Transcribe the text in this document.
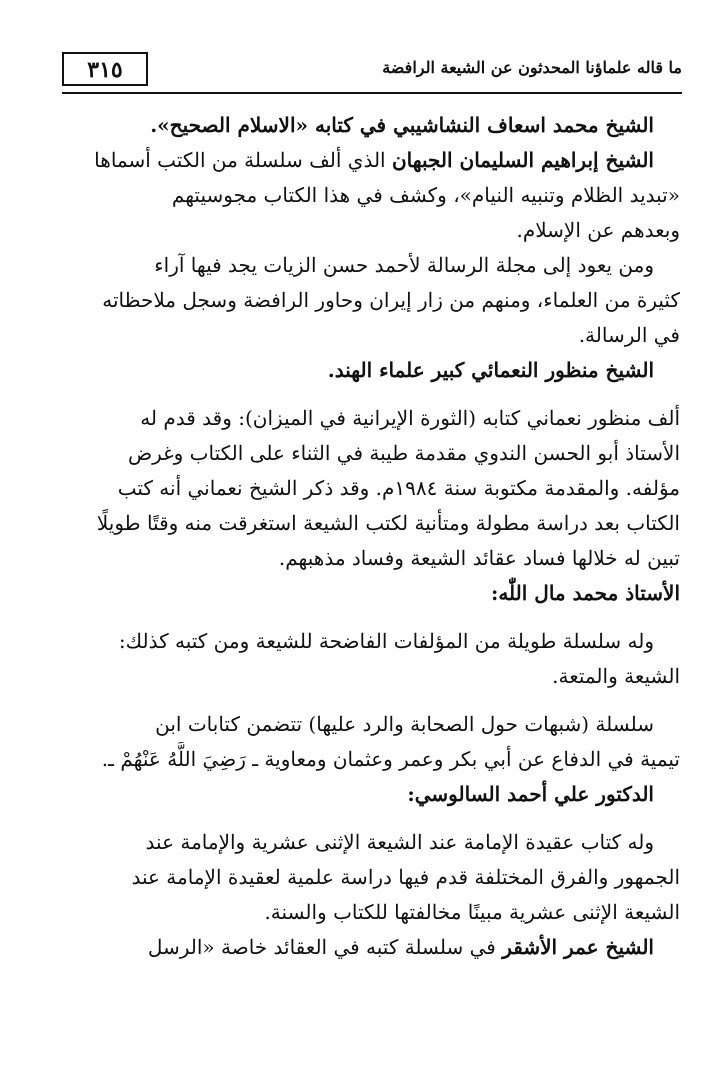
ما قاله علماؤنا المحدثون عن الشيعة الرافضة
٣١٥
الشيخ محمد اسعاف النشاشيبي في كتابه «الاسلام الصحيح».
الشيخ إبراهيم السليمان الجبهان الذي ألف سلسلة من الكتب أسماها
«تبديد الظلام وتنبيه النيام»، وكشف في هذا الكتاب مجوسيتهم
وبعدهم عن الإسلام.
ومن يعود إلى مجلة الرسالة لأحمد حسن الزيات يجد فيها آراء
كثيرة من العلماء، ومنهم من زار إيران وحاور الرافضة وسجل ملاحظاته
في الرسالة.
الشيخ منظور النعمائي كبير علماء الهند.
ألف منظور نعماني كتابه (الثورة الإيرانية في الميزان): وقد قدم له
الأستاذ أبو الحسن الندوي مقدمة طيبة في الثناء على الكتاب وغرض
مؤلفه. والمقدمة مكتوبة سنة ١٩٨٤م. وقد ذكر الشيخ نعماني أنه كتب
الكتاب بعد دراسة مطولة ومتأنية لكتب الشيعة استغرقت منه وقتًا طويلًا
تبين له خلالها فساد عقائد الشيعة وفساد مذهبهم.
الأستاذ محمد مال اللّٰه:
وله سلسلة طويلة من المؤلفات الفاضحة للشيعة ومن كتبه كذلك:
الشيعة والمتعة.
سلسلة (شبهات حول الصحابة والرد عليها) تتضمن كتابات ابن
تيمية في الدفاع عن أبي بكر وعمر وعثمان ومعاوية ـ رَضِيَ اللَّهُ عَنْهُمْ ـ.
الدكتور علي أحمد السالوسي:
وله كتاب عقيدة الإمامة عند الشيعة الإثنى عشرية والإمامة عند
الجمهور والفرق المختلفة قدم فيها دراسة علمية لعقيدة الإمامة عند
الشيعة الإثنى عشرية مبينًا مخالفتها للكتاب والسنة.
الشيخ عمر الأشقر في سلسلة كتبه في العقائد خاصة «الرسل
